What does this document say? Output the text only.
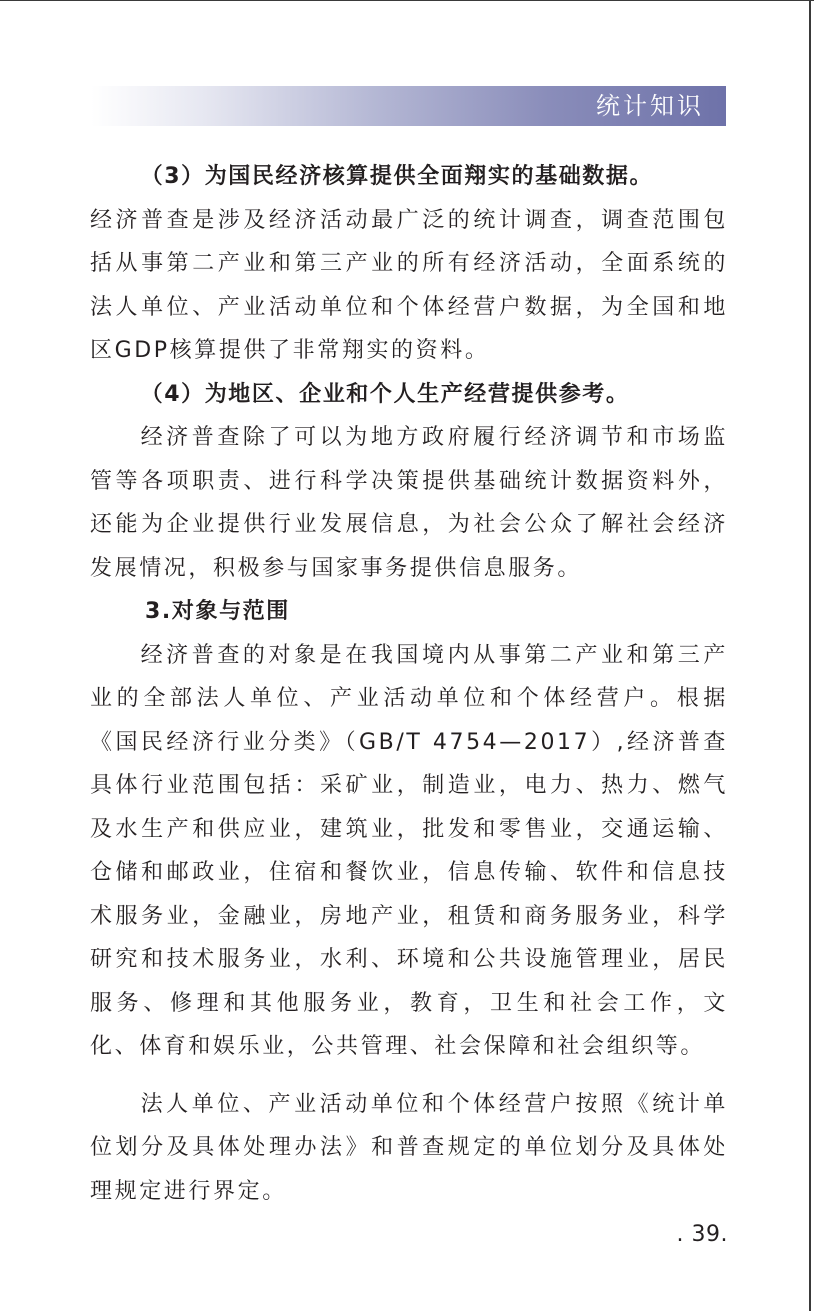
统计知识

（3）为国民经济核算提供全面翔实的基础数据。

经济普查是涉及经济活动最广泛的统计调查，调查范围包括从事第二产业和第三产业的所有经济活动，全面系统的法人单位、产业活动单位和个体经营户数据，为全国和地区GDP核算提供了非常翔实的资料。

（4）为地区、企业和个人生产经营提供参考。

经济普查除了可以为地方政府履行经济调节和市场监管等各项职责、进行科学决策提供基础统计数据资料外，还能为企业提供行业发展信息，为社会公众了解社会经济发展情况，积极参与国家事务提供信息服务。

3.对象与范围

经济普查的对象是在我国境内从事第二产业和第三产业的全部法人单位、产业活动单位和个体经营户。根据《国民经济行业分类》（GB/T 4754—2017）,经济普查具体行业范围包括：采矿业，制造业，电力、热力、燃气及水生产和供应业，建筑业，批发和零售业，交通运输、仓储和邮政业，住宿和餐饮业，信息传输、软件和信息技术服务业，金融业，房地产业，租赁和商务服务业，科学研究和技术服务业，水利、环境和公共设施管理业，居民服务、修理和其他服务业，教育，卫生和社会工作，文化、体育和娱乐业，公共管理、社会保障和社会组织等。

法人单位、产业活动单位和个体经营户按照《统计单位划分及具体处理办法》和普查规定的单位划分及具体处理规定进行界定。

. 39.
